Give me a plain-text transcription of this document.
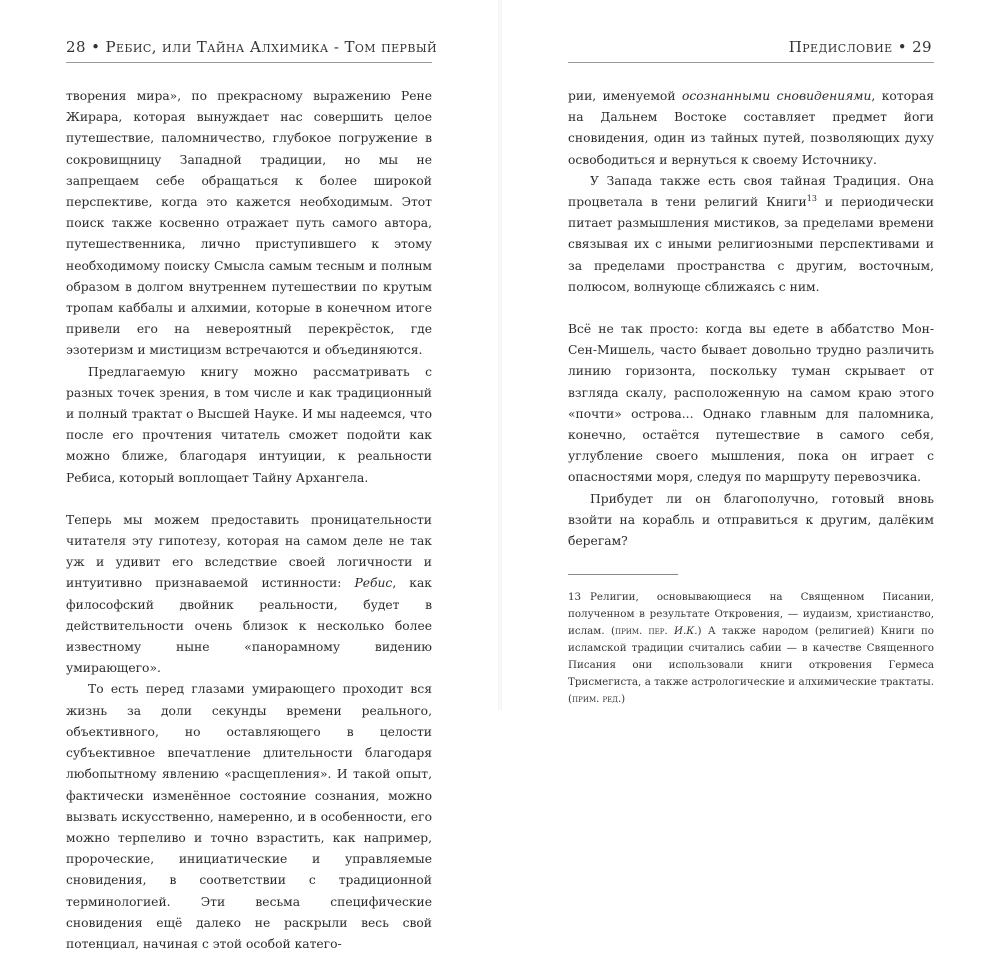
28 • Ребис, или Тайна Алхимика - Том первый

творения мира», по прекрасному выражению Рене Жирара, которая вынуждает нас совершить целое путешествие, паломничество, глубокое погружение в сокровищницу Западной традиции, но мы не запрещаем себе обращаться к более широкой перспективе, когда это кажется необходимым. Этот поиск также косвенно отражает путь самого автора, путешественника, лично приступившего к этому необходимому поиску Смысла самым тесным и полным образом в долгом внутреннем путешествии по крутым тропам каббалы и алхимии, которые в конечном итоге привели его на невероятный перекрёсток, где эзотеризм и мистицизм встречаются и объединяются.

Предлагаемую книгу можно рассматривать с разных точек зрения, в том числе и как традиционный и полный трактат о Высшей Науке. И мы надеемся, что после его прочтения читатель сможет подойти как можно ближе, благодаря интуиции, к реальности Ребиса, который воплощает Тайну Архангела.

Теперь мы можем предоставить проницательности читателя эту гипотезу, которая на самом деле не так уж и удивит его вследствие своей логичности и интуитивно признаваемой истинности: Ребис, как философский двойник реальности, будет в действительности очень близок к несколько более известному ныне «панорамному видению умирающего».

То есть перед глазами умирающего проходит вся жизнь за доли секунды времени реального, объективного, но оставляющего в целости субъективное впечатление длительности благодаря любопытному явлению «расщепления». И такой опыт, фактически изменённое состояние сознания, можно вызвать искусственно, намеренно, и в особенности, его можно терпеливо и точно взрастить, как например, пророческие, инициатические и управляемые сновидения, в соответствии с традиционной терминологией. Эти весьма специфические сновидения ещё далеко не раскрыли весь свой потенциал, начиная с этой особой катего-

Предисловие • 29

рии, именуемой осознанными сновидениями, которая на Дальнем Востоке составляет предмет йоги сновидения, один из тайных путей, позволяющих духу освободиться и вернуться к своему Источнику.

У Запада также есть своя тайная Традиция. Она процветала в тени религий Книги$^{13}$ и периодически питает размышления мистиков, за пределами времени связывая их с иными религиозными перспективами и за пределами пространства с другим, восточным, полюсом, волнующе сближаясь с ним.

Всё не так просто: когда вы едете в аббатство Мон-Сен-Мишель, часто бывает довольно трудно различить линию горизонта, поскольку туман скрывает от взгляда скалу, расположенную на самом краю этого «почти» острова... Однако главным для паломника, конечно, остаётся путешествие в самого себя, углубление своего мышления, пока он играет с опасностями моря, следуя по маршруту перевозчика.

Прибудет ли он благополучно, готовый вновь взойти на корабль и отправиться к другим, далёким берегам?

13 Религии, основывающиеся на Священном Писании, полученном в результате Откровения, — иудаизм, христианство, ислам. (прим. пер. И.К.) А также народом (религией) Книги по исламской традиции считались сабии — в качестве Священного Писания они использовали книги откровения Гермеса Трисмегиста, а также астрологические и алхимические трактаты. (прим. ред.)
